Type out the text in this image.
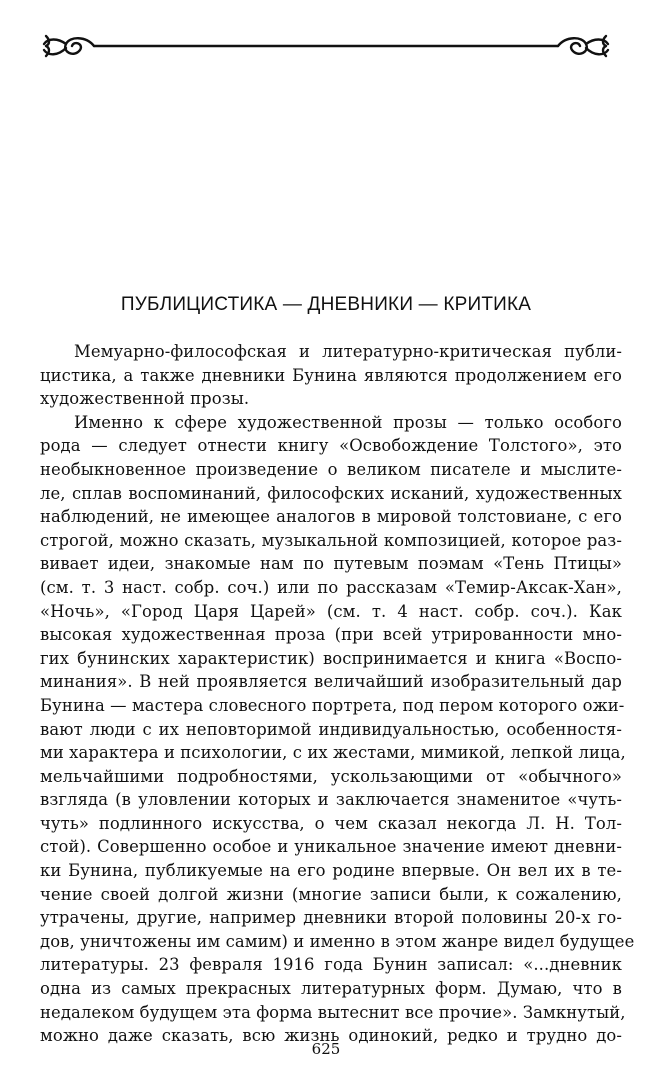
ПУБЛИЦИСТИКА — ДНЕВНИКИ — КРИТИКА

Мемуарно-философская и литературно-критическая публи-
цистика, а также дневники Бунина являются продолжением его
художественной прозы.

Именно к сфере художественной прозы — только особого
рода — следует отнести книгу «Освобождение Толстого», это
необыкновенное произведение о великом писателе и мыслите-
ле, сплав воспоминаний, философских исканий, художественных
наблюдений, не имеющее аналогов в мировой толстовиане, с его
строгой, можно сказать, музыкальной композицией, которое раз-
вивает идеи, знакомые нам по путевым поэмам «Тень Птицы»
(см. т. 3 наст. собр. соч.) или по рассказам «Темир-Аксак-Хан»,
«Ночь», «Город Царя Царей» (см. т. 4 наст. собр. соч.). Как
высокая художественная проза (при всей утрированности мно-
гих бунинских характеристик) воспринимается и книга «Воспо-
минания». В ней проявляется величайший изобразительный дар
Бунина — мастера словесного портрета, под пером которого ожи-
вают люди с их неповторимой индивидуальностью, особенностя-
ми характера и психологии, с их жестами, мимикой, лепкой лица,
мельчайшими подробностями, ускользающими от «обычного»
взгляда (в уловлении которых и заключается знаменитое «чуть-
чуть» подлинного искусства, о чем сказал некогда Л. Н. Тол-
стой). Совершенно особое и уникальное значение имеют дневни-
ки Бунина, публикуемые на его родине впервые. Он вел их в те-
чение своей долгой жизни (многие записи были, к сожалению,
утрачены, другие, например дневники второй половины 20-х го-
дов, уничтожены им самим) и именно в этом жанре видел будущее
литературы. 23 февраля 1916 года Бунин записал: «...дневник
одна из самых прекрасных литературных форм. Думаю, что в
недалеком будущем эта форма вытеснит все прочие». Замкнутый,
можно даже сказать, всю жизнь одинокий, редко и трудно до-

625
